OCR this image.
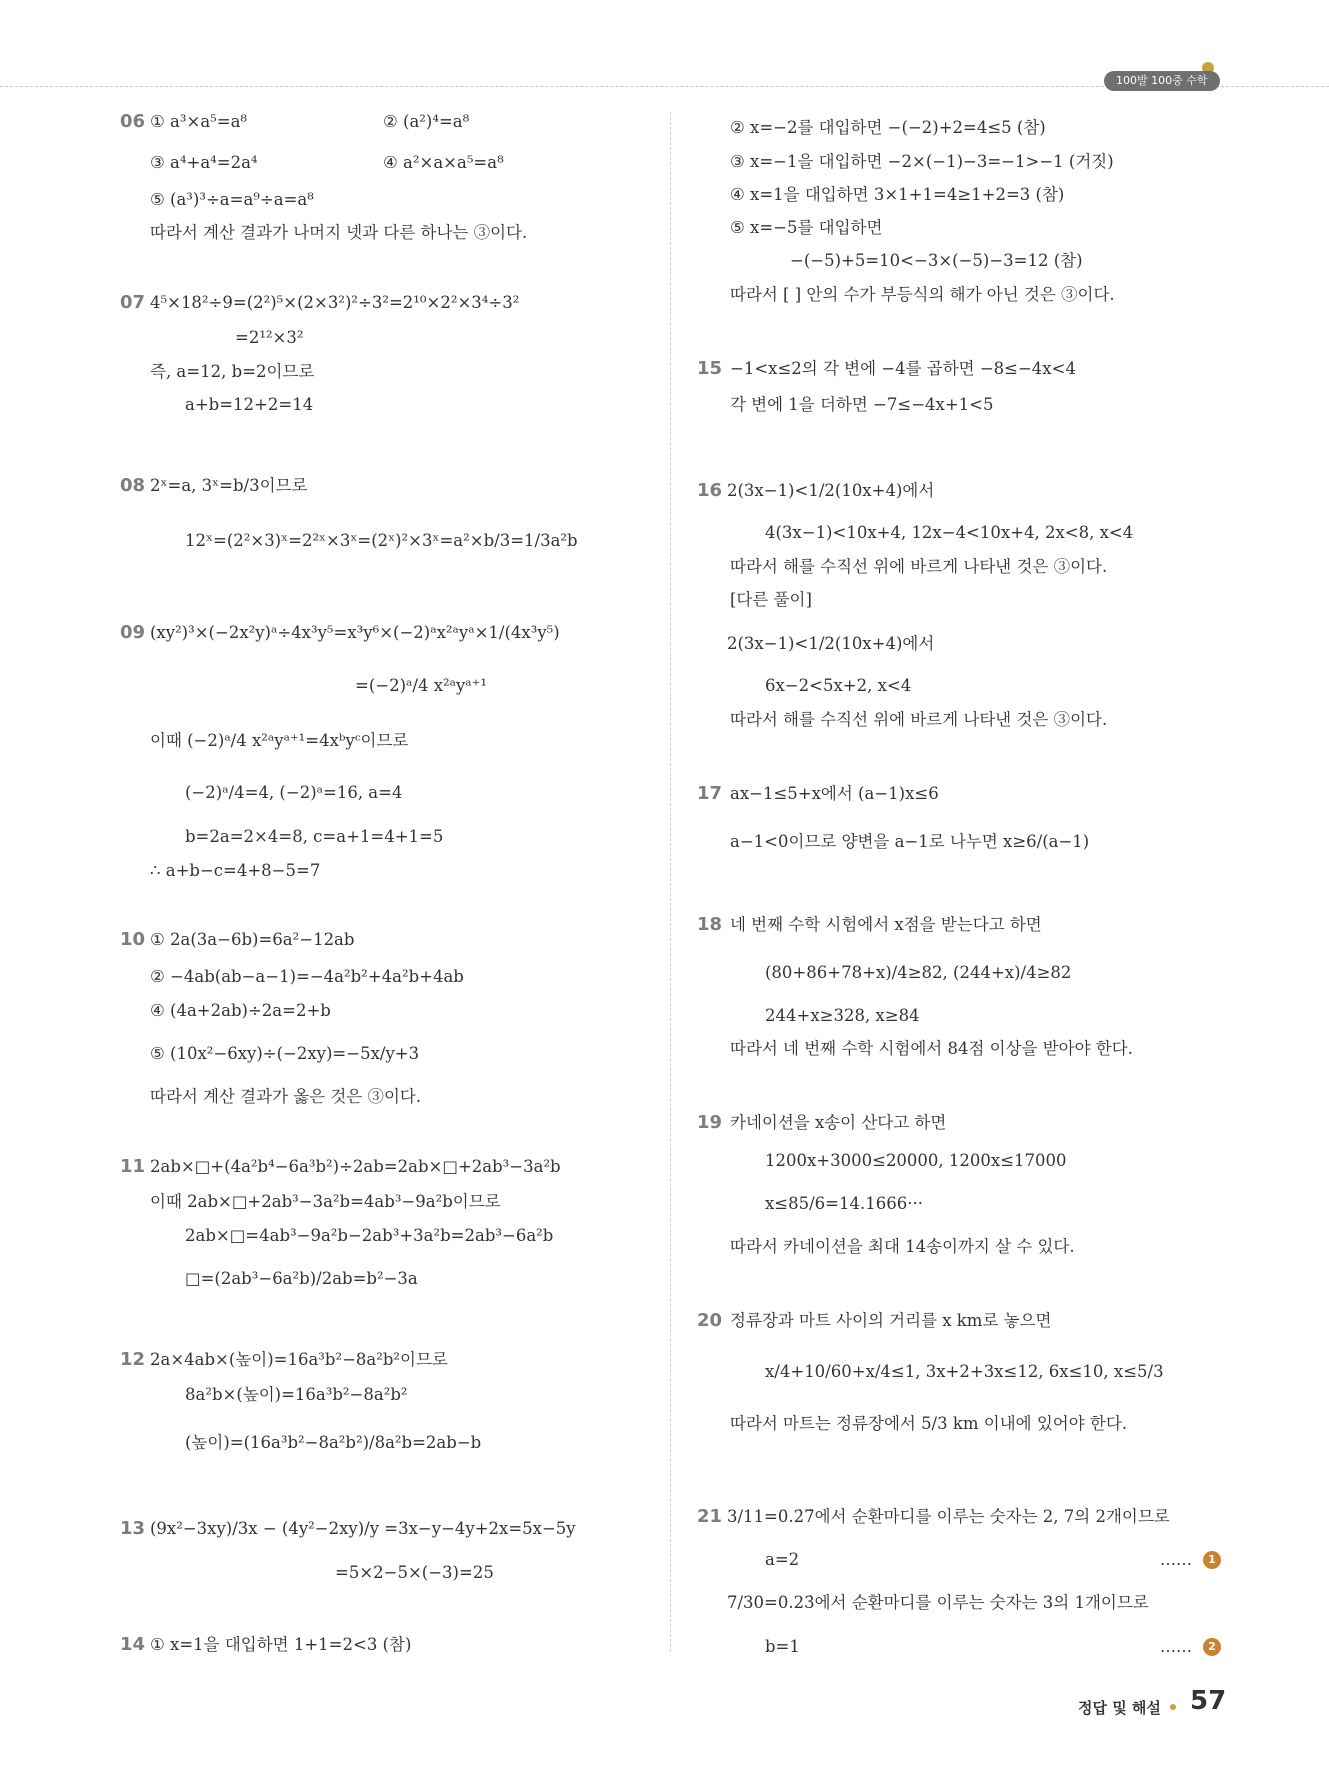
100발 100중 수학
06 ① a³×a⁵=a⁸	② (a²)⁴=a⁸
③ a⁴+a⁴=2a⁴	④ a²×a×a⁵=a⁸
⑤ (a³)³÷a=a⁹÷a=a⁸
따라서 계산 결과가 나머지 넷과 다른 하나는 ③이다.
07 4⁵×18²÷9=(2²)⁵×(2×3²)²÷3²=2¹⁰×2²×3⁴÷3²
=2¹²×3²
즉, a=12, b=2이므로
a+b=12+2=14
08 2ˣ=a, 3ˣ=b/3이므로
12ˣ=(2²×3)ˣ=2²ˣ×3ˣ=(2ˣ)²×3ˣ=a²×b/3=1/3a²b
09 (xy²)³×(−2x²y)ᵃ÷4x³y⁵=x³y⁶×(−2)ᵃx²ᵃyᵃ×1/(4x³y⁵)
=(−2)ᵃ/4 x²ᵃyᵃ⁺¹
이때 (−2)ᵃ/4 x²ᵃyᵃ⁺¹=4xᵇyᶜ이므로
(−2)ᵃ/4=4, (−2)ᵃ=16, a=4
b=2a=2×4=8, c=a+1=4+1=5
∴ a+b−c=4+8−5=7
10 ① 2a(3a−6b)=6a²−12ab
② −4ab(ab−a−1)=−4a²b²+4a²b+4ab
④ (4a+2ab)÷2a=2+b
⑤ (10x²−6xy)÷(−2xy)=−5x/y+3
따라서 계산 결과가 옳은 것은 ③이다.
11 2ab×□+(4a²b⁴−6a³b²)÷2ab=2ab×□+2ab³−3a²b
이때 2ab×□+2ab³−3a²b=4ab³−9a²b이므로
2ab×□=4ab³−9a²b−2ab³+3a²b=2ab³−6a²b
□=(2ab³−6a²b)/2ab=b²−3a
12 2a×4ab×(높이)=16a³b²−8a²b²이므로
8a²b×(높이)=16a³b²−8a²b²
(높이)=(16a³b²−8a²b²)/8a²b=2ab−b
13 (9x²−3xy)/3x − (4y²−2xy)/y =3x−y−4y+2x=5x−5y
=5×2−5×(−3)=25
14 ① x=1을 대입하면 1+1=2<3 (참)
② x=−2를 대입하면 −(−2)+2=4≤5 (참)
③ x=−1을 대입하면 −2×(−1)−3=−1>−1 (거짓)
④ x=1을 대입하면 3×1+1=4≥1+2=3 (참)
⑤ x=−5를 대입하면
−(−5)+5=10<−3×(−5)−3=12 (참)
따라서 [ ] 안의 수가 부등식의 해가 아닌 것은 ③이다.
15 −1<x≤2의 각 변에 −4를 곱하면 −8≤−4x<4
각 변에 1을 더하면 −7≤−4x+1<5
16 2(3x−1)<1/2(10x+4)에서
4(3x−1)<10x+4, 12x−4<10x+4, 2x<8, x<4
따라서 해를 수직선 위에 바르게 나타낸 것은 ③이다.
[다른 풀이]
2(3x−1)<1/2(10x+4)에서
6x−2<5x+2, x<4
따라서 해를 수직선 위에 바르게 나타낸 것은 ③이다.
17 ax−1≤5+x에서 (a−1)x≤6
a−1<0이므로 양변을 a−1로 나누면 x≥6/(a−1)
18 네 번째 수학 시험에서 x점을 받는다고 하면
(80+86+78+x)/4≥82, (244+x)/4≥82
244+x≥328, x≥84
따라서 네 번째 수학 시험에서 84점 이상을 받아야 한다.
19 카네이션을 x송이 산다고 하면
1200x+3000≤20000, 1200x≤17000
x≤85/6=14.1666···
따라서 카네이션을 최대 14송이까지 살 수 있다.
20 정류장과 마트 사이의 거리를 x km로 놓으면
x/4+10/60+x/4≤1, 3x+2+3x≤12, 6x≤10, x≤5/3
따라서 마트는 정류장에서 5/3 km 이내에 있어야 한다.
21 3/11=0.2̇7̇에서 순환마디를 이루는 숫자는 2, 7의 2개이므로
a=2	……	1
7/30=0.23̇에서 순환마디를 이루는 숫자는 3의 1개이므로
b=1	……	2
정답 및 해설 57
